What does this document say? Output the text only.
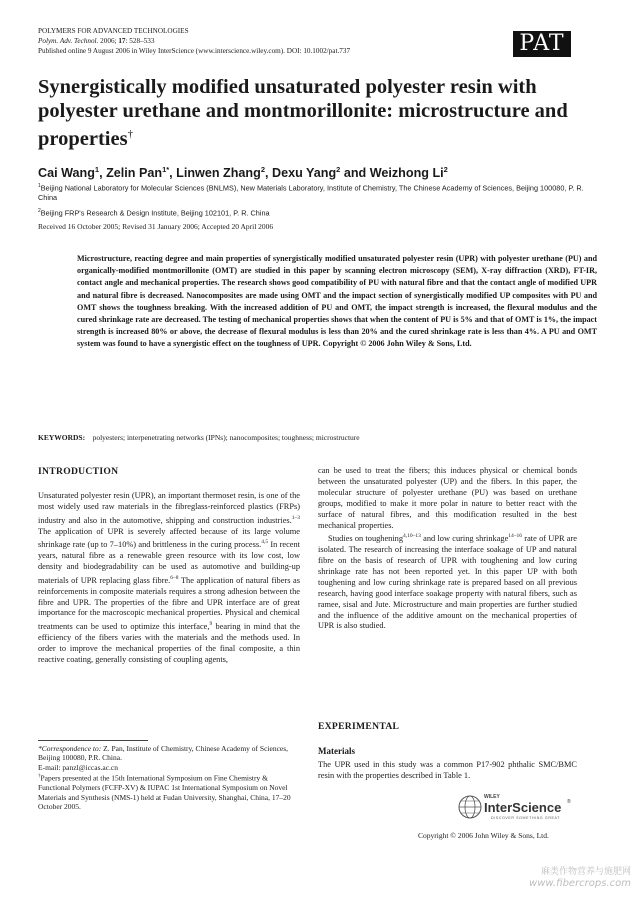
POLYMERS FOR ADVANCED TECHNOLOGIES
Polym. Adv. Technol. 2006; 17: 528–533
Published online 9 August 2006 in Wiley InterScience (www.interscience.wiley.com). DOI: 10.1002/pat.737	PAT
Synergistically modified unsaturated polyester resin with polyester urethane and montmorillonite: microstructure and properties†
Cai Wang$^1$, Zelin Pan$^{1*}$, Linwen Zhang$^2$, Dexu Yang$^2$ and Weizhong Li$^2$
$^1$Beijing National Laboratory for Molecular Sciences (BNLMS), New Materials Laboratory, Institute of Chemistry, The Chinese Academy of Sciences, Beijing 100080, P. R. China
$^2$Beijing FRP's Research & Design Institute, Beijing 102101, P. R. China
Received 16 October 2005; Revised 31 January 2006; Accepted 20 April 2006
Microstructure, reacting degree and main properties of synergistically modified unsaturated polyester resin (UPR) with polyester urethane (PU) and organically-modified montmorillonite (OMT) are studied in this paper by scanning electron microscopy (SEM), X-ray diffraction (XRD), FT-IR, contact angle and mechanical properties. The research shows good compatibility of PU with natural fibre and that the contact angle of modified UPR and natural fibre is decreased. Nanocomposites are made using OMT and the impact section of synergistically modified UP composites with PU and OMT shows the toughness breaking. With the increased addition of PU and OMT, the impact strength is increased, the flexural modulus and the cured shrinkage rate are decreased. The testing of mechanical properties shows that when the content of PU is 5% and that of OMT is 1%, the impact strength is increased 80% or above, the decrease of flexural modulus is less than 20% and the cured shrinkage rate is less than 4%. A PU and OMT system was found to have a synergistic effect on the toughness of UPR. Copyright © 2006 John Wiley & Sons, Ltd.
KEYWORDS: polyesters; interpenetrating networks (IPNs); nanocomposites; toughness; microstructure
INTRODUCTION
Unsaturated polyester resin (UPR), an important thermoset resin, is one of the most widely used raw materials in the fibreglass-reinforced plastics (FRPs) industry and also in the automotive, shipping and construction industries.$^{1-3}$ The application of UPR is severely affected because of its large volume shrinkage rate (up to 7–10%) and brittleness in the curing process.$^{4,5}$ In recent years, natural fibre as a renewable green resource with its low cost, low density and biodegradability can be used as automotive and building-up materials of UPR replacing glass fibre.$^{6-8}$ The application of natural fibers as reinforcements in composite materials requires a strong adhesion between the fibre and UPR. The properties of the fibre and UPR interface are of great importance for the macroscopic mechanical properties. Physical and chemical treatments can be used to optimize this interface,$^9$ bearing in mind that the efficiency of the fibers varies with the materials and the methods used. In order to improve the mechanical properties of the final composite, a thin reactive coating, generally consisting of coupling agents,
*Correspondence to: Z. Pan, Institute of Chemistry, Chinese Academy of Sciences, Beijing 100080, P.R. China.
E-mail: panzl@iccas.ac.cn
†Papers presented at the 15th International Symposium on Fine Chemistry & Functional Polymers (FCFP-XV) & IUPAC 1st International Symposium on Novel Materials and Synthesis (NMS-1) held at Fudan University, Shanghai, China, 17–20 October 2005.
can be used to treat the fibers; this induces physical or chemical bonds between the unsaturated polyester (UP) and the fibers. In this paper, the molecular structure of polyester urethane (PU) was based on urethane groups, modified to make it more polar in nature to better react with the surface of natural fibres, and this modification resulted in the best mechanical properties.
Studies on toughening$^{4,10-13}$ and low curing shrinkage$^{14-16}$ rate of UPR are isolated. The research of increasing the interface soakage of UP and natural fibre on the basis of research of UPR with toughening and low curing shrinkage rate has not been reported yet. In this paper UP with both toughening and low curing shrinkage rate is prepared based on all previous research, having good interface soakage property with natural fibers, such as ramee, sisal and Jute. Microstructure and main properties are further studied and the influence of the additive amount on the mechanical properties of UPR is also studied.
EXPERIMENTAL
Materials
The UPR used in this study was a common P17-902 phthalic SMC/BMC resin with the properties described in Table 1.
WILEY
InterScience ®
DISCOVER SOMETHING GREAT
Copyright © 2006 John Wiley & Sons, Ltd.
麻类作物营养与施肥网
www.fibercrops.com
